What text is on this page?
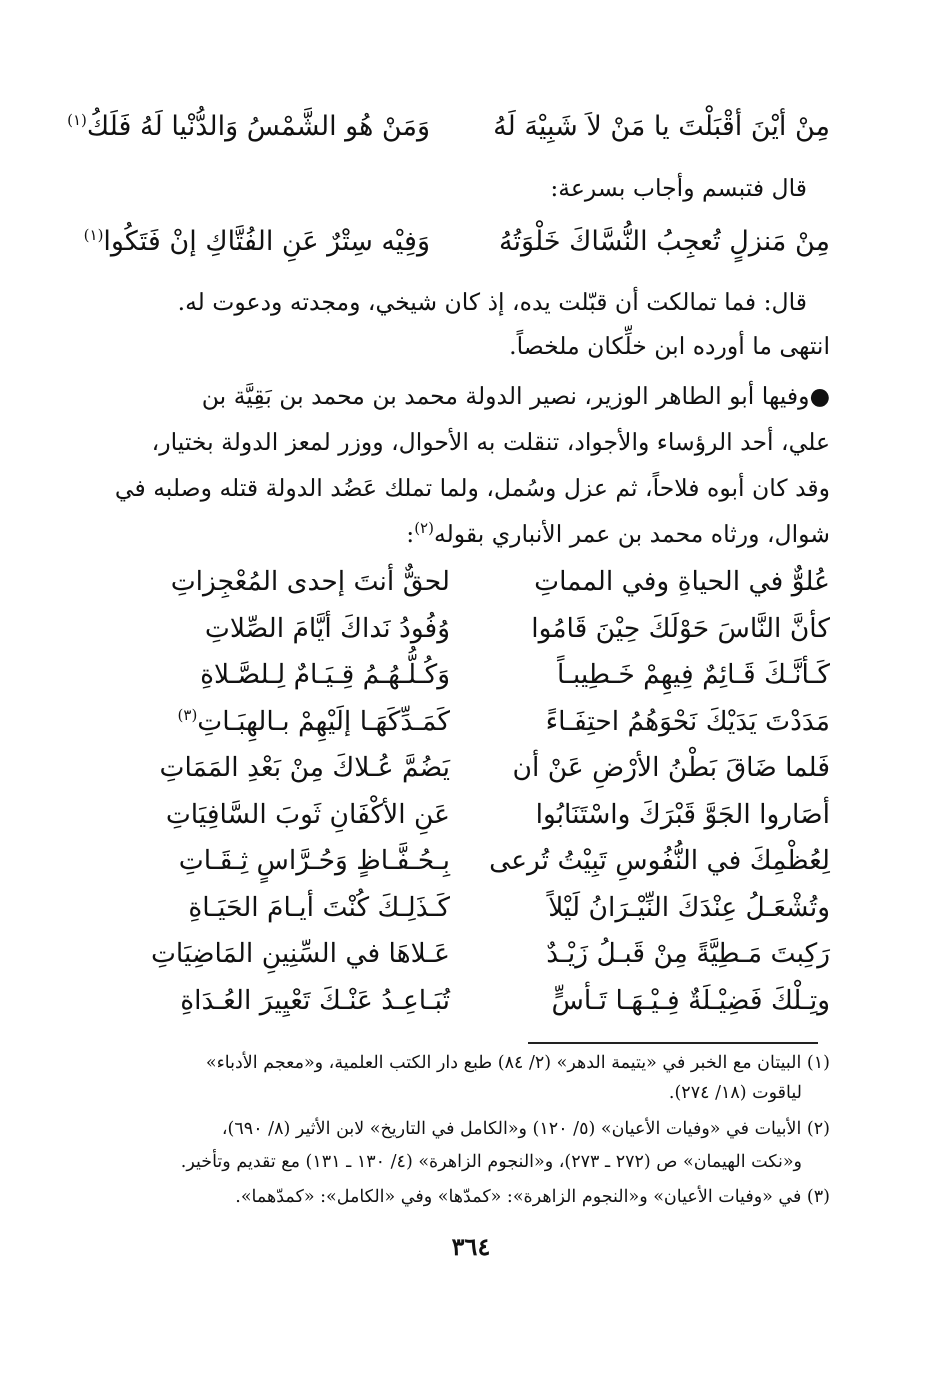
مِنْ أيْنَ أقْبَلْتَ يا مَنْ لاَ شَبِيْهَ لَهُ
وَمَنْ هُو الشَّمْسُ وَالدُّنْيا لَهُ فَلَكُ$^{(١)}$
قال فتبسم وأجاب بسرعة:
مِنْ مَنزلٍ تُعجِبُ النُّسَّاكَ خَلْوَتُهُ
وَفِيْه سِتْرٌ عَنِ الفُتَّاكِ إنْ فَتَكُوا$^{(١)}$
قال: فما تمالكت أن قبّلت يده، إذ كان شيخي، ومجدته ودعوت له.
انتهى ما أورده ابن خلِّكان ملخصاً.
●وفيها أبو الطاهر الوزير، نصير الدولة محمد بن محمد بن بَقِيَّة بن
علي، أحد الرؤساء والأجواد، تنقلت به الأحوال، ووزر لمعز الدولة بختيار،
وقد كان أبوه فلاحاً، ثم عزل وسُمل، ولما تملك عَضُد الدولة قتله وصلبه في
شوال، ورثاه محمد بن عمر الأنباري بقوله$^{(٢)}$:
عُلوٌّ في الحياةِ وفي المماتِ
لحقٌّ أنتَ إحدى المُعْجِزاتِ
كأنَّ النَّاسَ حَوْلَكَ حِيْنَ قَامُوا
وُفُودُ نَداكَ أيَّامَ الصِّلاتِ
كَـأنَّـكَ قَـائِمٌ فِيهِمْ خَـطِيبـاً
وَكُـلُّـهُـمُ قِـيَـامٌ لِـلصَّـلاةِ
مَدَدْتَ يَدَيْكَ نَحْوَهُمُ احتِفَـاءً
كَمَـدِّكَهَـا إلَيْهِمْ بـالهِبَـاتِ$^{(٣)}$
فَلما ضَاقَ بَطْنُ الأرْضِ عَنْ أن
يَضُمَّ عُـلاكَ مِنْ بَعْدِ المَمَاتِ
أصَاروا الجَوَّ قَبْرَكَ واسْتَنَابُوا
عَنِ الأكْفَانِ ثَوبَ السَّافِيَاتِ
لِعُظْمِكَ في النُّفُوسِ تَبِيْتُ تُرعى
بِـحُـفَّـاظٍ وَحُـرَّاسٍ ثِـقَـاتِ
وتُشْعَـلُ عِنْدَكَ النِّيْـرَانُ لَيْلاً
كَـذَلِـكَ كُنْتَ أيـامَ الحَيَـاةِ
رَكِبتَ مَـطِيَّةً مِنْ قَبـلُ زَيْـدٌ
عَـلاهَا في السِّنِينِ المَاضِيَاتِ
وتِـلْكَ فَضِيْـلَةٌ فِـيْـهَـا تَـأسٍّ
تُبَـاعِـدُ عَنْـكَ تَعْيِيرَ العُـدَاةِ
(١) البيتان مع الخبر في «يتيمة الدهر» (٢/ ٨٤) طبع دار الكتب العلمية، و«معجم الأدباء»
لياقوت (١٨/ ٢٧٤).
(٢) الأبيات في «وفيات الأعيان» (٥/ ١٢٠) و«الكامل في التاريخ» لابن الأثير (٨/ ٦٩٠)،
و«نكت الهيمان» ص (٢٧٢ ـ ٢٧٣)، و«النجوم الزاهرة» (٤/ ١٣٠ ـ ١٣١) مع تقديم وتأخير.
(٣) في «وفيات الأعيان» و«النجوم الزاهرة»: «كمدّها» وفي «الكامل»: «كمدّهما».
٣٦٤
